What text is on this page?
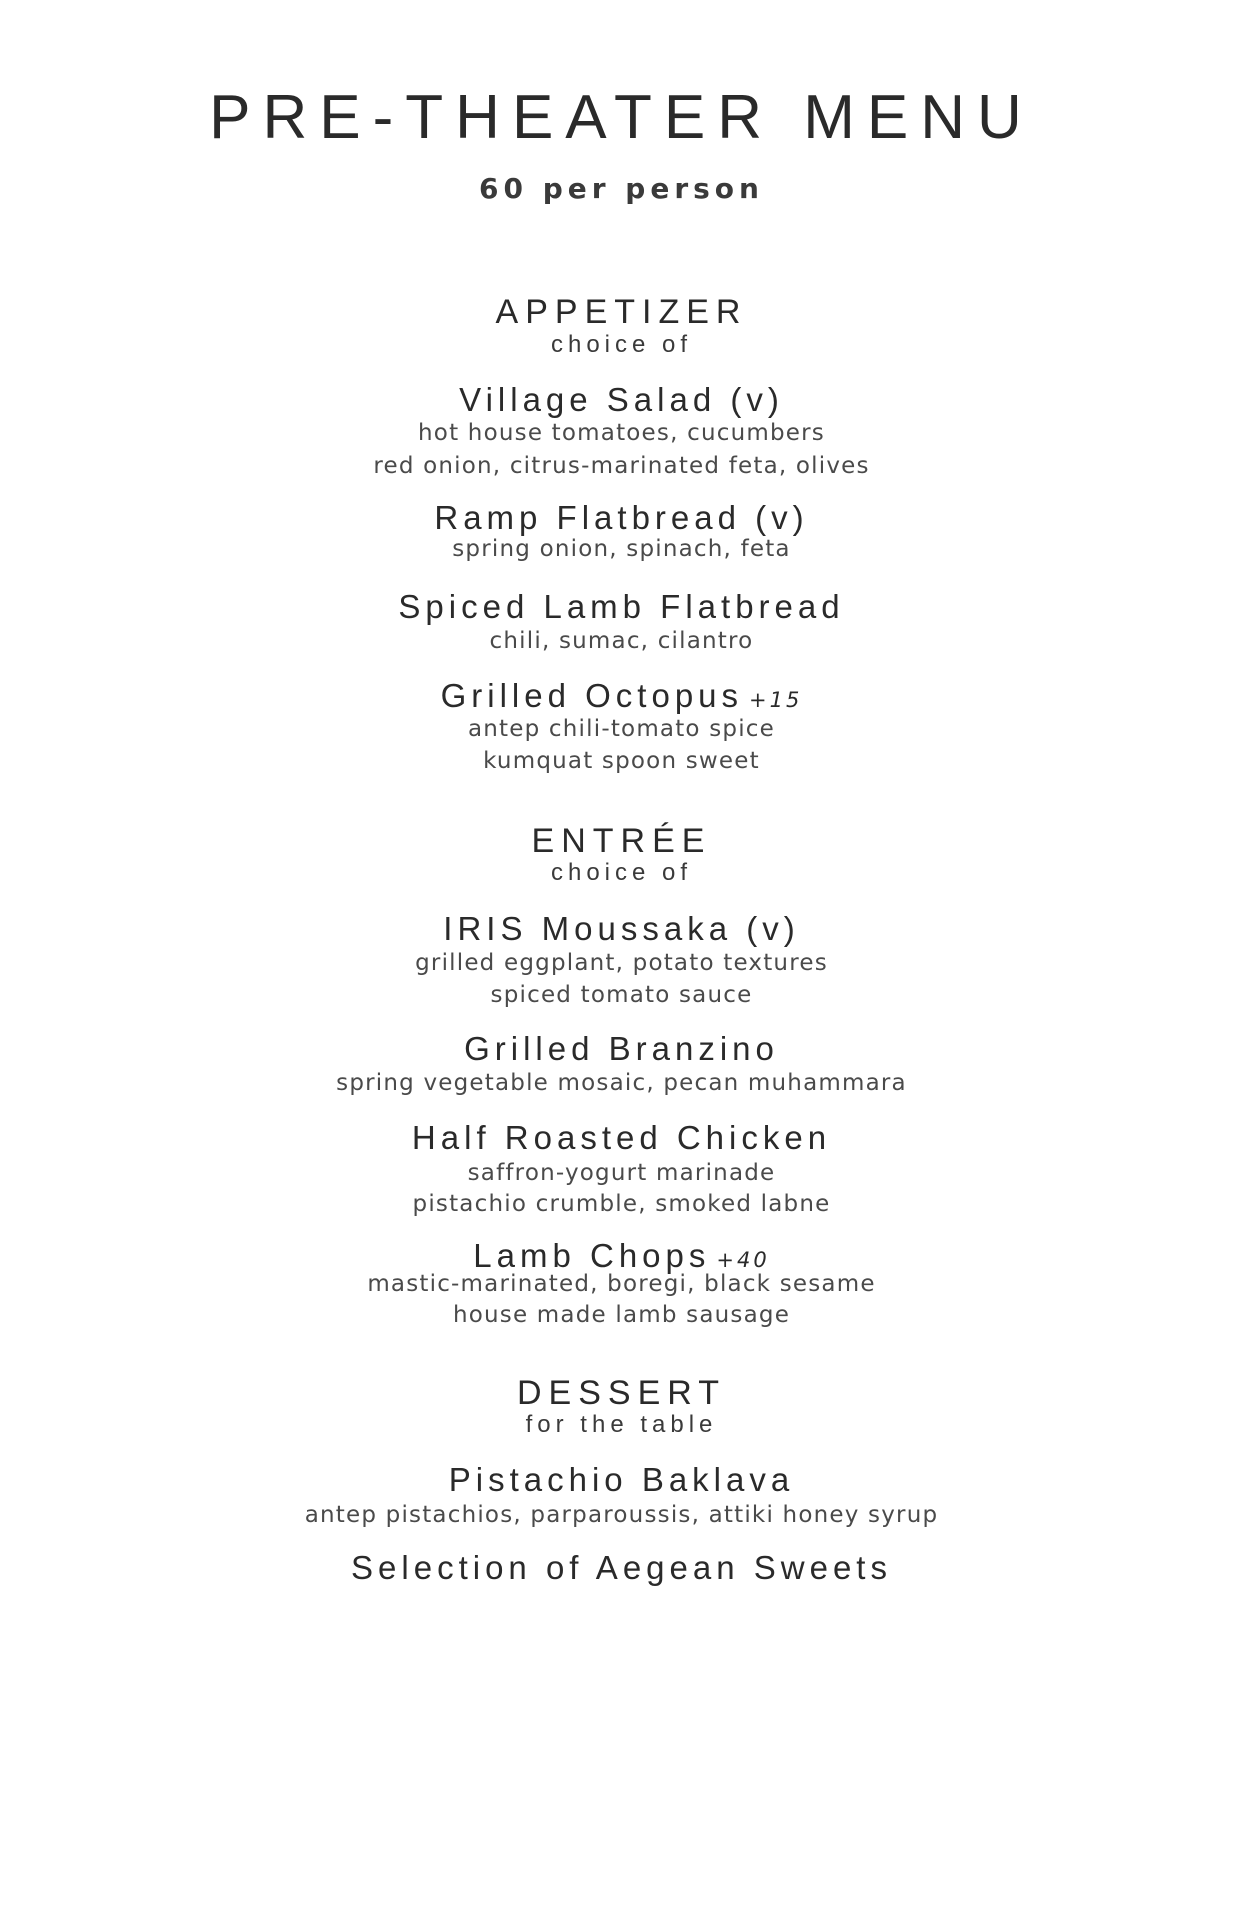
PRE-THEATER MENU
60 per person
APPETIZER
choice of
Village Salad (v)
hot house tomatoes, cucumbers
red onion, citrus-marinated feta, olives
Ramp Flatbread (v)
spring onion, spinach, feta
Spiced Lamb Flatbread
chili, sumac, cilantro
Grilled Octopus +15
antep chili-tomato spice
kumquat spoon sweet
ENTRÉE
choice of
IRIS Moussaka (v)
grilled eggplant, potato textures
spiced tomato sauce
Grilled Branzino
spring vegetable mosaic, pecan muhammara
Half Roasted Chicken
saffron-yogurt marinade
pistachio crumble, smoked labne
Lamb Chops +40
mastic-marinated, boregi, black sesame
house made lamb sausage
DESSERT
for the table
Pistachio Baklava
antep pistachios, parparoussis, attiki honey syrup
Selection of Aegean Sweets
